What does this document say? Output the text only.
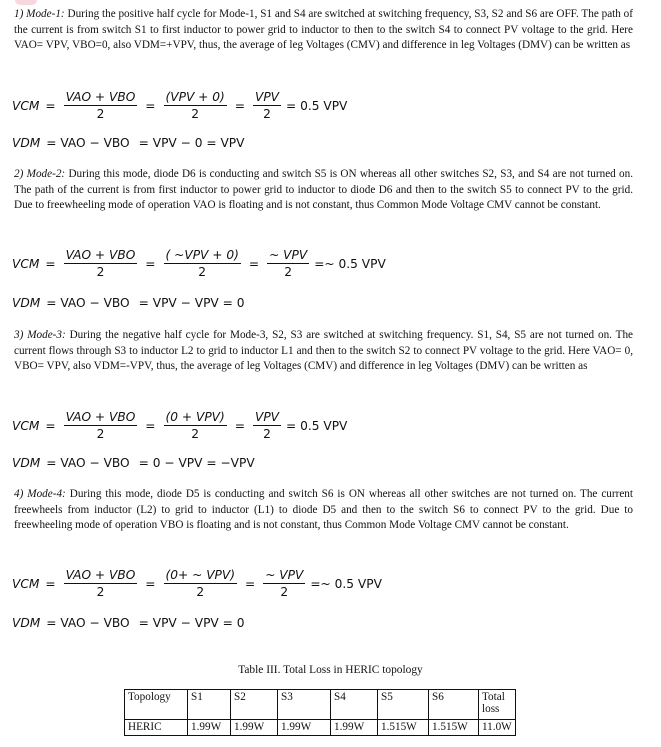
1) Mode-1: During the positive half cycle for Mode-1, S1 and S4 are switched at switching frequency, S3, S2 and S6 are OFF. The path of the current is from switch S1 to first inductor to power grid to inductor to then to the switch S4 to connect PV voltage to the grid. Here VAO= VPV, VBO=0, also VDM=+VPV, thus, the average of leg Voltages (CMV) and difference in leg Voltages (DMV) can be written as
VCM = $\frac{\text{VAO + VBO}}{2} = \frac{\text{(VPV + 0)}}{2} = \frac{\text{VPV}}{2} = 0.5$ VPV
VDM = VAO − VBO = VPV − 0 = VPV
2) Mode-2: During this mode, diode D6 is conducting and switch S5 is ON whereas all other switches S2, S3, and S4 are not turned on. The path of the current is from first inductor to power grid to inductor to diode D6 and then to the switch S5 to connect PV to the grid. Due to freewheeling mode of operation VAO is floating and is not constant, thus Common Mode Voltage CMV cannot be constant.
VCM = $\frac{\text{VAO + VBO}}{2} = \frac{\text{( \textasciitilde{}VPV + 0)}}{2} = \frac{\text{\textasciitilde{} VPV}}{2}$ =~ 0.5 VPV
VDM = VAO − VBO = VPV − VPV = 0
3) Mode-3: During the negative half cycle for Mode-3, S2, S3 are switched at switching frequency. S1, S4, S5 are not turned on. The current flows through S3 to inductor L2 to grid to inductor L1 and then to the switch S2 to connect PV voltage to the grid. Here VAO= 0, VBO= VPV, also VDM=-VPV, thus, the average of leg Voltages (CMV) and difference in leg Voltages (DMV) can be written as
VCM = $\frac{\text{VAO + VBO}}{2} = \frac{\text{(0 + VPV)}}{2} = \frac{\text{VPV}}{2} = 0.5$ VPV
VDM = VAO − VBO = 0 − VPV = −VPV
4) Mode-4: During this mode, diode D5 is conducting and switch S6 is ON whereas all other switches are not turned on. The current freewheels from inductor (L2) to grid to inductor (L1) to diode D5 and then to the switch S6 to connect PV to the grid. Due to freewheeling mode of operation VBO is floating and is not constant, thus Common Mode Voltage CMV cannot be constant.
VCM = $\frac{\text{VAO + VBO}}{2} = \frac{\text{(0+ \textasciitilde{} VPV)}}{2} = \frac{\text{\textasciitilde{} VPV}}{2}$ =~ 0.5 VPV
VDM = VAO − VBO = VPV − VPV = 0
Table III. Total Loss in HERIC topology
Topology	S1	S2	S3	S4	S5	S6	Total loss
HERIC	1.99W	1.99W	1.99W	1.99W	1.515W	1.515W	11.0W
